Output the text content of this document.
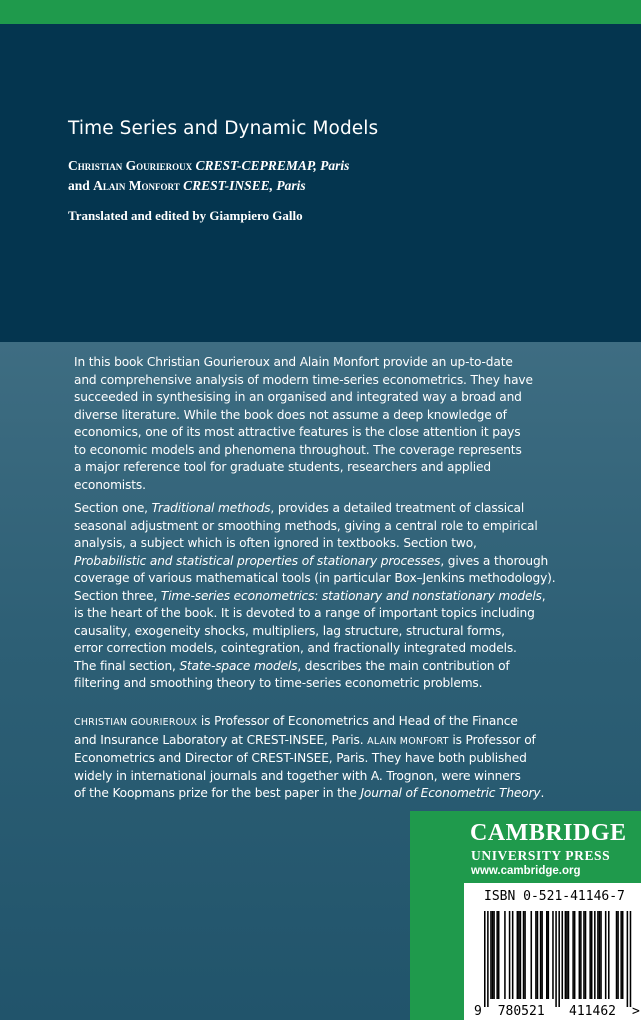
Time Series and Dynamic Models

Christian Gourieroux CREST-CEPREMAP, Paris

and Alain Monfort CREST-INSEE, Paris

Translated and edited by Giampiero Gallo

In this book Christian Gourieroux and Alain Monfort provide an up-to-date
and comprehensive analysis of modern time-series econometrics. They have
succeeded in synthesising in an organised and integrated way a broad and
diverse literature. While the book does not assume a deep knowledge of
economics, one of its most attractive features is the close attention it pays
to economic models and phenomena throughout. The coverage represents
a major reference tool for graduate students, researchers and applied
economists.

Section one, Traditional methods, provides a detailed treatment of classical
seasonal adjustment or smoothing methods, giving a central role to empirical
analysis, a subject which is often ignored in textbooks. Section two,
Probabilistic and statistical properties of stationary processes, gives a thorough
coverage of various mathematical tools (in particular Box–Jenkins methodology).
Section three, Time-series econometrics: stationary and nonstationary models,
is the heart of the book. It is devoted to a range of important topics including
causality, exogeneity shocks, multipliers, lag structure, structural forms,
error correction models, cointegration, and fractionally integrated models.
The final section, State-space models, describes the main contribution of
filtering and smoothing theory to time-series econometric problems.

CHRISTIAN GOURIEROUX is Professor of Econometrics and Head of the Finance
and Insurance Laboratory at CREST-INSEE, Paris. ALAIN MONFORT is Professor of
Econometrics and Director of CREST-INSEE, Paris. They have both published
widely in international journals and together with A. Trognon, were winners
of the Koopmans prize for the best paper in the Journal of Econometric Theory.

CAMBRIDGE

UNIVERSITY PRESS

www.cambridge.org

ISBN 0-521-41146-7

9 780521 411462 >
